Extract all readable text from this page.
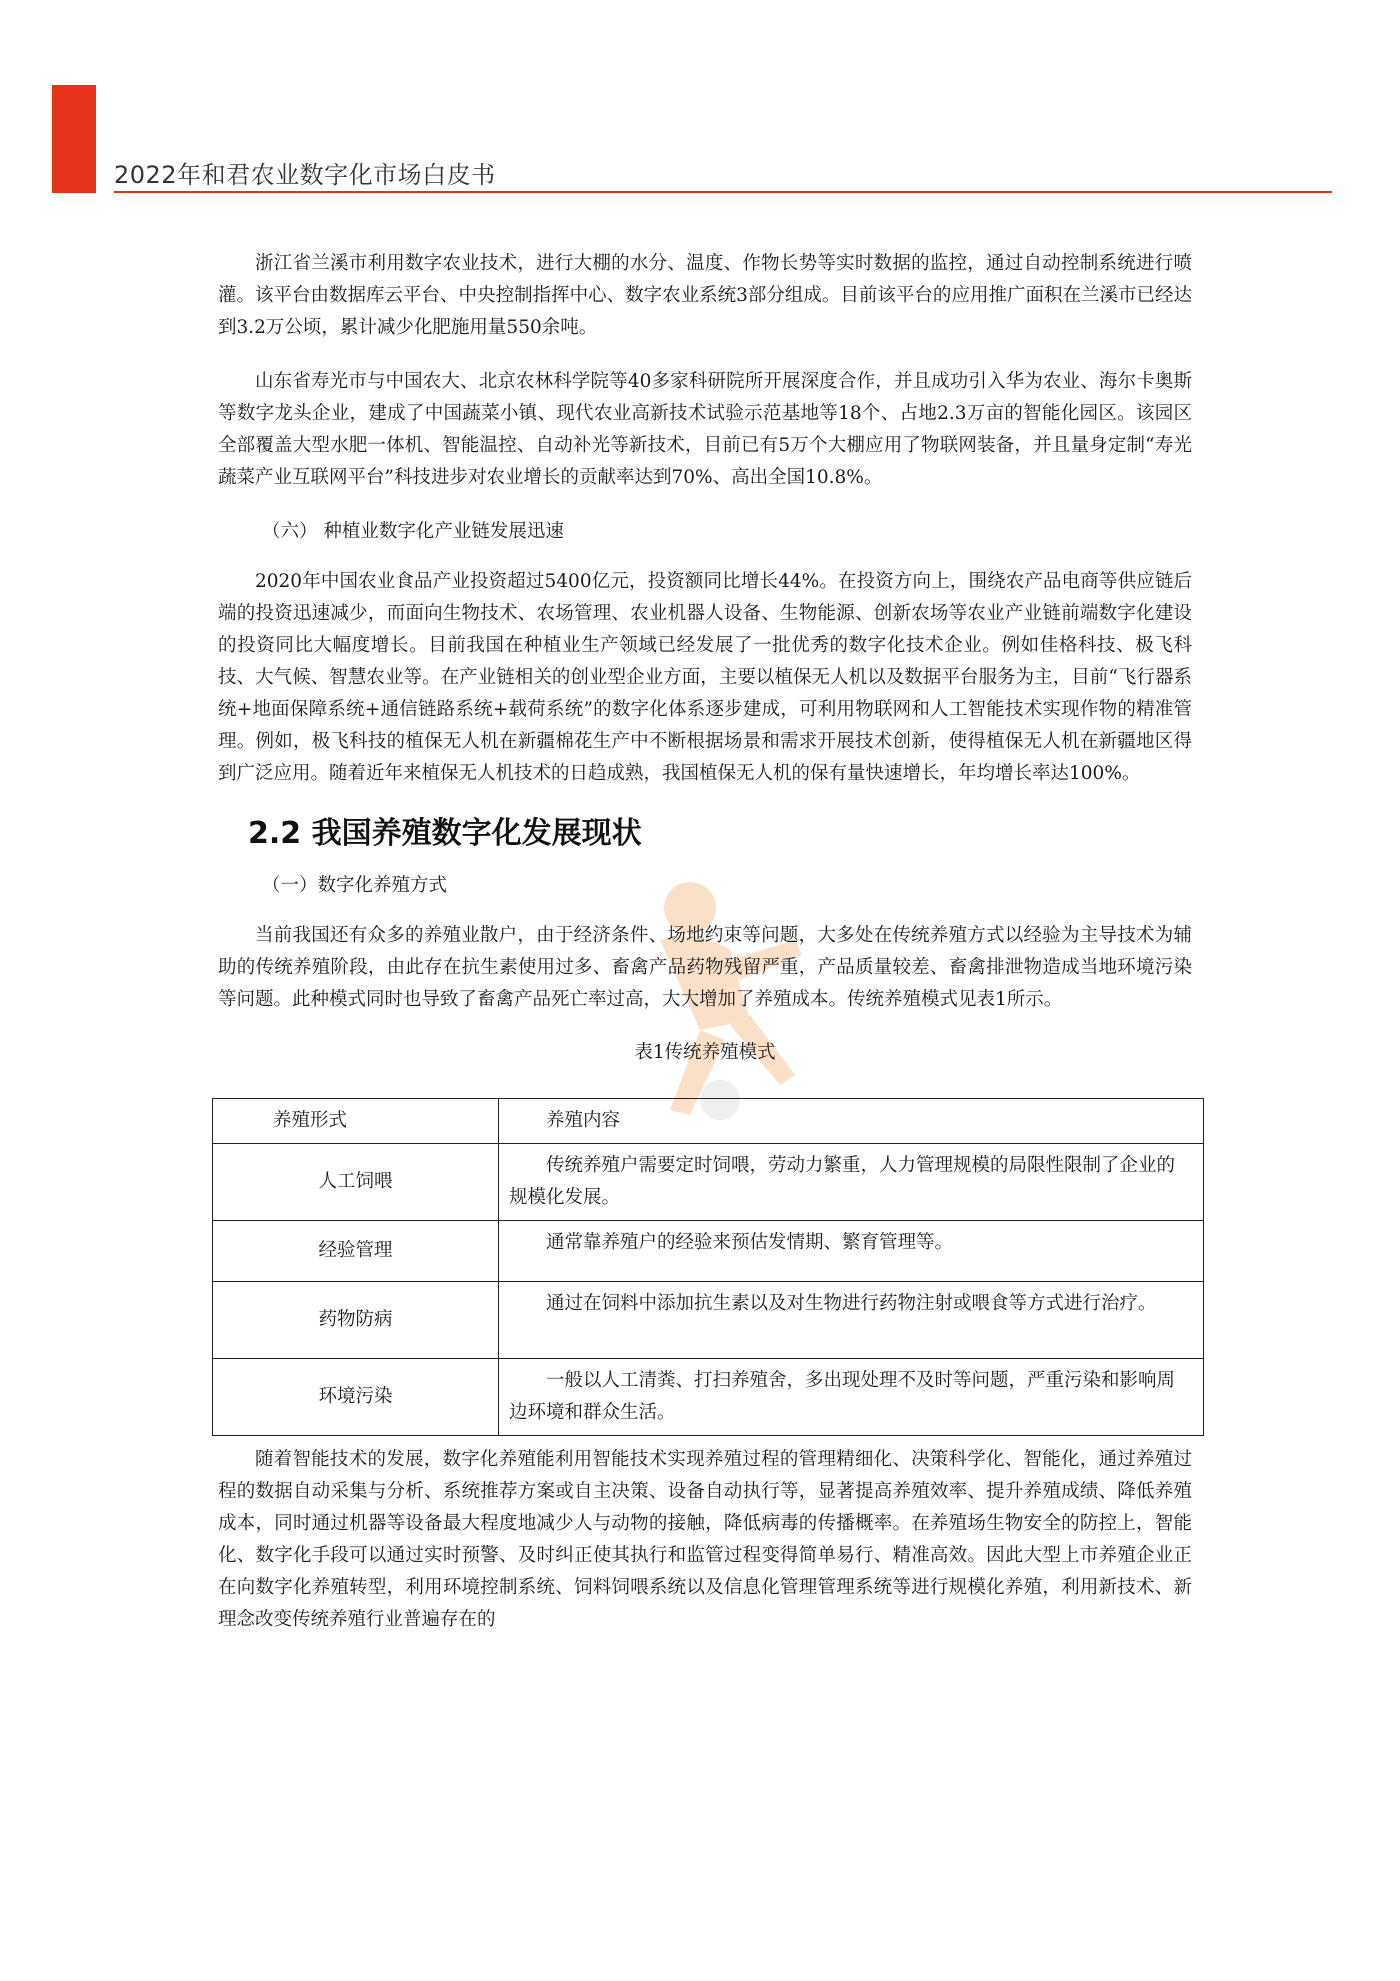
2022年和君农业数字化市场白皮书

浙江省兰溪市利用数字农业技术，进行大棚的水分、温度、作物长势等实时数据的监控，通过自动控制系统进行喷灌。该平台由数据库云平台、中央控制指挥中心、数字农业系统3部分组成。目前该平台的应用推广面积在兰溪市已经达到3.2万公顷，累计减少化肥施用量550余吨。

山东省寿光市与中国农大、北京农林科学院等40多家科研院所开展深度合作，并且成功引入华为农业、海尔卡奥斯等数字龙头企业，建成了中国蔬菜小镇、现代农业高新技术试验示范基地等18个、占地2.3万亩的智能化园区。该园区全部覆盖大型水肥一体机、智能温控、自动补光等新技术，目前已有5万个大棚应用了物联网装备，并且量身定制“寿光蔬菜产业互联网平台”科技进步对农业增长的贡献率达到70%、高出全国10.8%。

（六） 种植业数字化产业链发展迅速

2020年中国农业食品产业投资超过5400亿元，投资额同比增长44%。在投资方向上，围绕农产品电商等供应链后端的投资迅速减少，而面向生物技术、农场管理、农业机器人设备、生物能源、创新农场等农业产业链前端数字化建设的投资同比大幅度增长。目前我国在种植业生产领域已经发展了一批优秀的数字化技术企业。例如佳格科技、极飞科技、大气候、智慧农业等。在产业链相关的创业型企业方面，主要以植保无人机以及数据平台服务为主，目前“飞行器系统+地面保障系统+通信链路系统+载荷系统”的数字化体系逐步建成，可利用物联网和人工智能技术实现作物的精准管理。例如，极飞科技的植保无人机在新疆棉花生产中不断根据场景和需求开展技术创新，使得植保无人机在新疆地区得到广泛应用。随着近年来植保无人机技术的日趋成熟，我国植保无人机的保有量快速增长，年均增长率达100%。

2.2 我国养殖数字化发展现状

（一）数字化养殖方式

当前我国还有众多的养殖业散户，由于经济条件、场地约束等问题，大多处在传统养殖方式以经验为主导技术为辅助的传统养殖阶段，由此存在抗生素使用过多、畜禽产品药物残留严重，产品质量较差、畜禽排泄物造成当地环境污染等问题。此种模式同时也导致了畜禽产品死亡率过高，大大增加了养殖成本。传统养殖模式见表1所示。

表1传统养殖模式
养殖形式	养殖内容
人工饲喂	传统养殖户需要定时饲喂，劳动力繁重，人力管理规模的局限性限制了企业的规模化发展。
经验管理	通常靠养殖户的经验来预估发情期、繁育管理等。
药物防病	通过在饲料中添加抗生素以及对生物进行药物注射或喂食等方式进行治疗。
环境污染	一般以人工清粪、打扫养殖舍，多出现处理不及时等问题，严重污染和影响周边环境和群众生活。

随着智能技术的发展，数字化养殖能利用智能技术实现养殖过程的管理精细化、决策科学化、智能化，通过养殖过程的数据自动采集与分析、系统推荐方案或自主决策、设备自动执行等，显著提高养殖效率、提升养殖成绩、降低养殖成本，同时通过机器等设备最大程度地减少人与动物的接触，降低病毒的传播概率。在养殖场生物安全的防控上，智能化、数字化手段可以通过实时预警、及时纠正使其执行和监管过程变得简单易行、精准高效。因此大型上市养殖企业正在向数字化养殖转型，利用环境控制系统、饲料饲喂系统以及信息化管理管理系统等进行规模化养殖，利用新技术、新理念改变传统养殖行业普遍存在的
